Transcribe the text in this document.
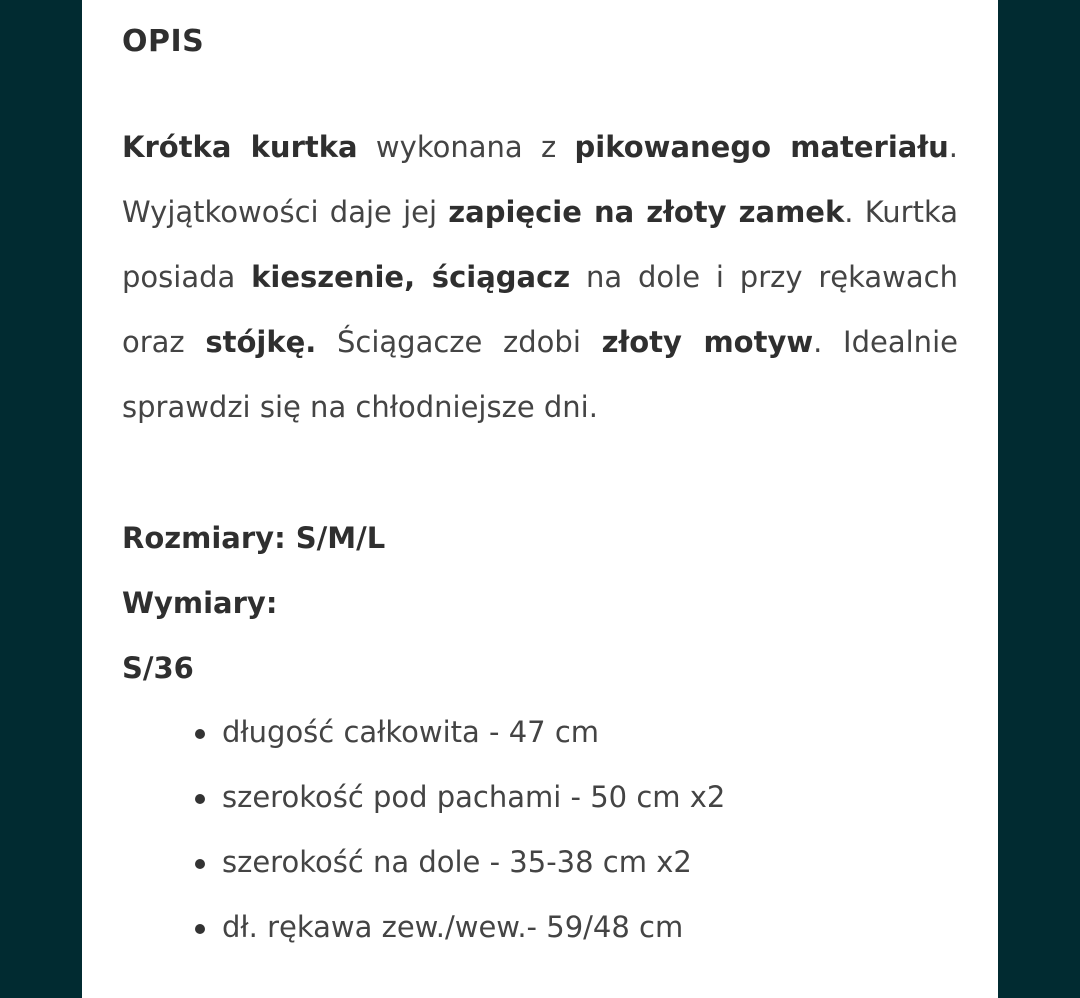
OPIS

Krótka kurtka wykonana z pikowanego materiału. Wyjątkowości daje jej zapięcie na złoty zamek. Kurtka posiada kieszenie, ściągacz na dole i przy rękawach oraz stójkę. Ściągacze zdobi złoty motyw. Idealnie sprawdzi się na chłodniejsze dni.

Rozmiary: S/M/L

Wymiary:

S/36

długość całkowita - 47 cm
szerokość pod pachami - 50 cm x2
szerokość na dole - 35-38 cm x2
dł. rękawa zew./wew.- 59/48 cm
